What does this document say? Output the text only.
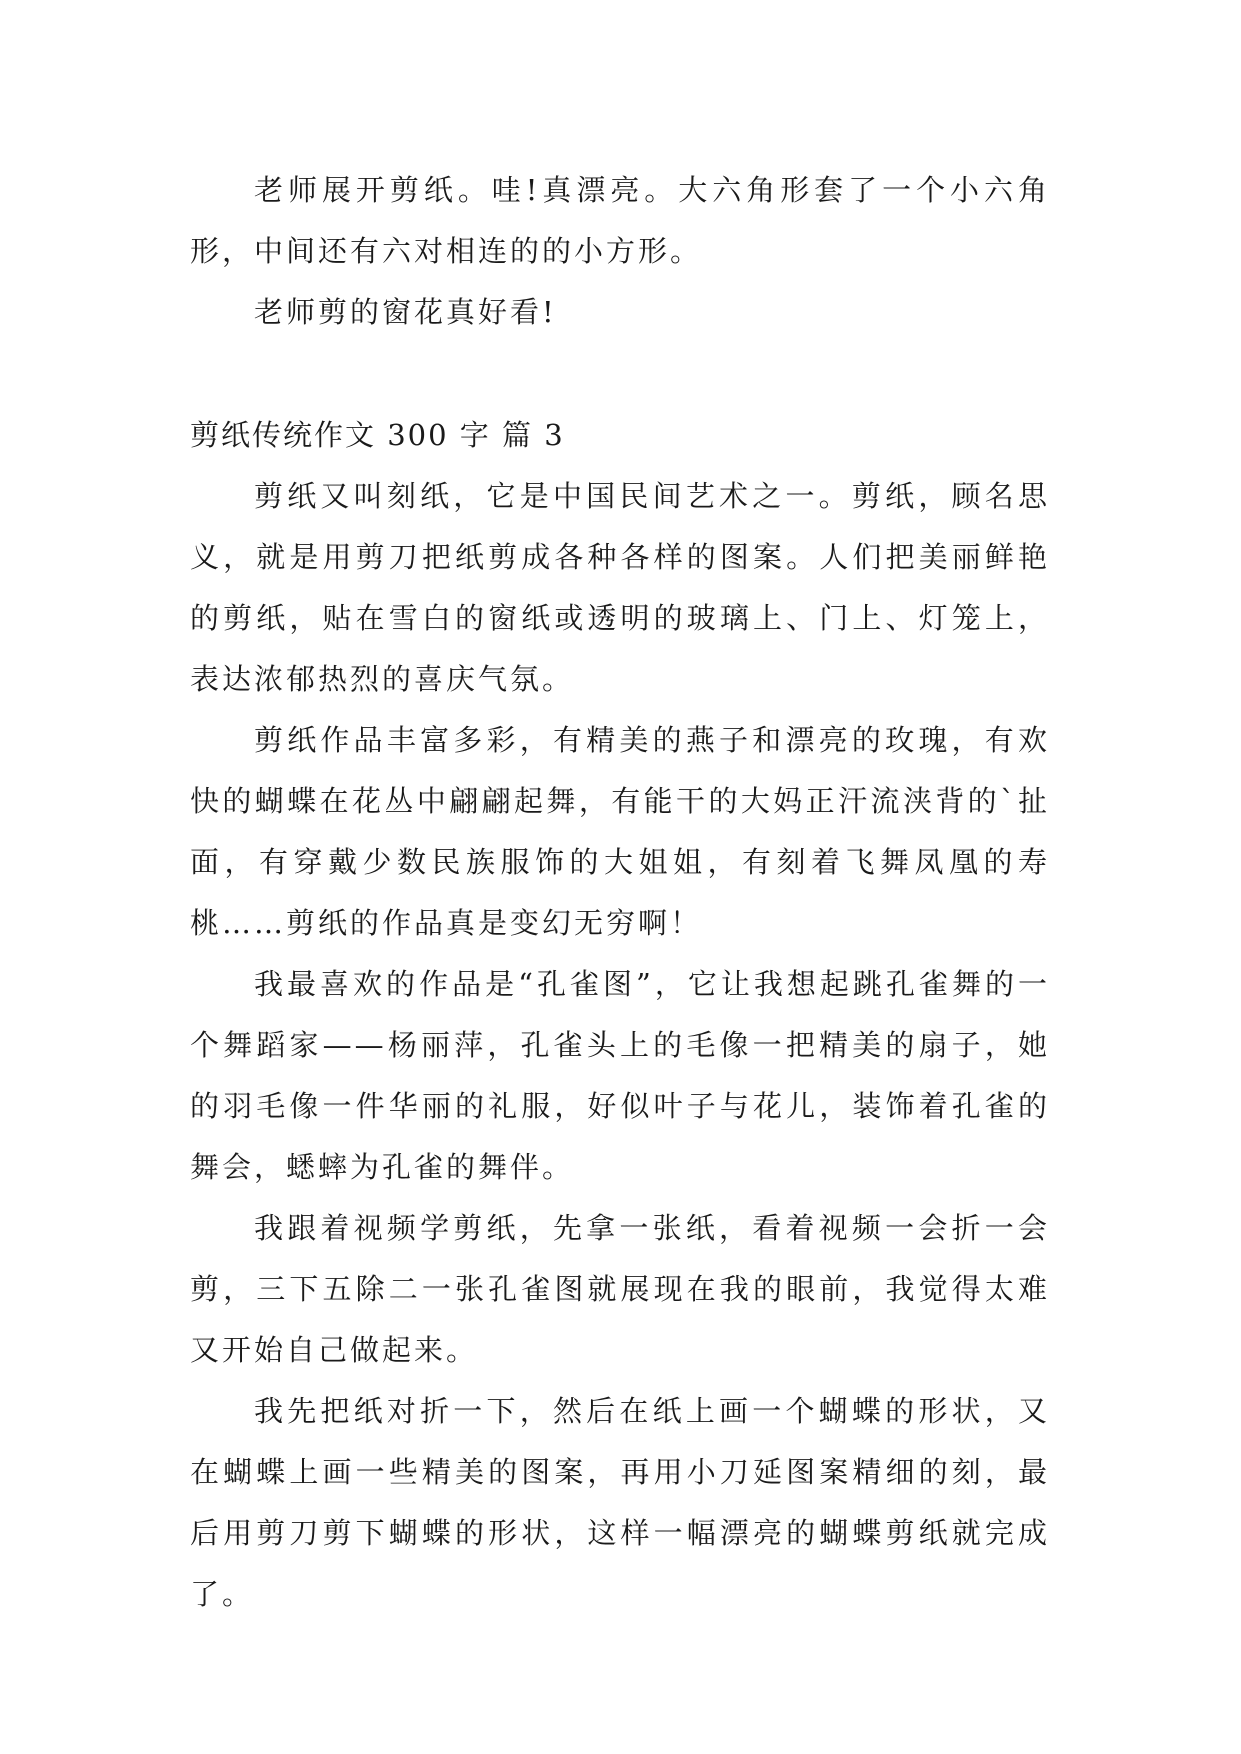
老师展开剪纸。哇!真漂亮。大六角形套了一个小六角形，中间还有六对相连的的小方形。

老师剪的窗花真好看!

剪纸传统作文 300 字 篇 3

剪纸又叫刻纸，它是中国民间艺术之一。剪纸，顾名思义，就是用剪刀把纸剪成各种各样的图案。人们把美丽鲜艳的剪纸，贴在雪白的窗纸或透明的玻璃上、门上、灯笼上，表达浓郁热烈的喜庆气氛。

剪纸作品丰富多彩，有精美的燕子和漂亮的玫瑰，有欢快的蝴蝶在花丛中翩翩起舞，有能干的大妈正汗流浃背的`扯面，有穿戴少数民族服饰的大姐姐，有刻着飞舞凤凰的寿桃……剪纸的作品真是变幻无穷啊！

我最喜欢的作品是“孔雀图”，它让我想起跳孔雀舞的一个舞蹈家——杨丽萍，孔雀头上的毛像一把精美的扇子，她的羽毛像一件华丽的礼服，好似叶子与花儿，装饰着孔雀的舞会，蟋蟀为孔雀的舞伴。

我跟着视频学剪纸，先拿一张纸，看着视频一会折一会剪，三下五除二一张孔雀图就展现在我的眼前，我觉得太难又开始自己做起来。

我先把纸对折一下，然后在纸上画一个蝴蝶的形状，又在蝴蝶上画一些精美的图案，再用小刀延图案精细的刻，最后用剪刀剪下蝴蝶的形状，这样一幅漂亮的蝴蝶剪纸就完成了。
